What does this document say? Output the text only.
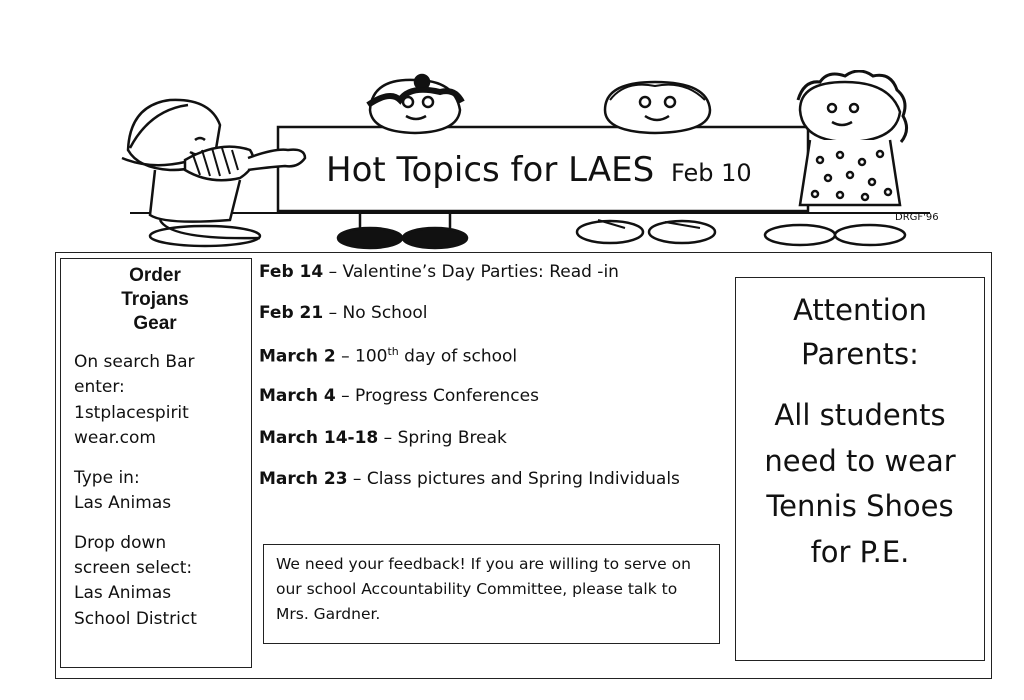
DRGF'96
Hot Topics for LAES Feb 10
Order
Trojans
Gear
On search Bar
enter:
1stplacespirit
wear.com
Type in:
Las Animas
Drop down
screen select:
Las Animas
School District
Feb 14 – Valentine’s Day Parties: Read -in
Feb 21 – No School
March 2 – 100th day of school
March 4 – Progress Conferences
March 14-18 – Spring Break
March 23 – Class pictures and Spring Individuals
We need your feedback! If you are willing to serve on
our school Accountability Committee, please talk to
Mrs. Gardner.
Attention
Parents:
All students
need to wear
Tennis Shoes
for P.E.
